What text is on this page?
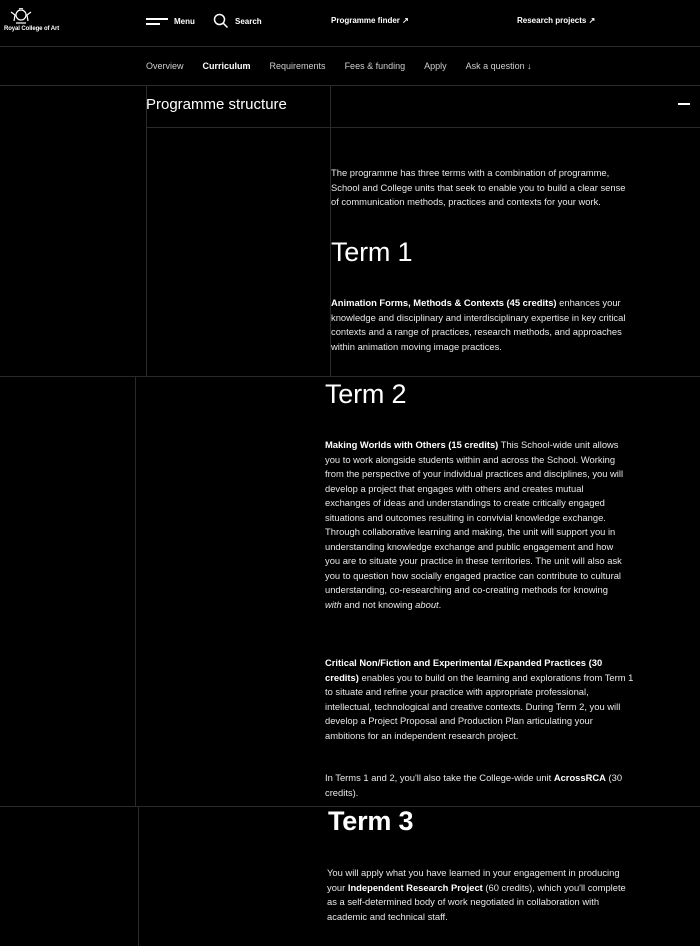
Royal College of Art
Menu	Search	Programme finder ↗	Research projects ↗
Overview Curriculum Requirements Fees & funding Apply Ask a question ↓
Programme structure

The programme has three terms with a combination of programme, School and College units that seek to enable you to build a clear sense of communication methods, practices and contexts for your work.

Term 1

Animation Forms, Methods & Contexts (45 credits) enhances your knowledge and disciplinary and interdisciplinary expertise in key critical contexts and a range of practices, research methods, and approaches within animation moving image practices.

Term 2

Making Worlds with Others (15 credits) This School-wide unit allows you to work alongside students within and across the School. Working from the perspective of your individual practices and disciplines, you will develop a project that engages with others and creates mutual exchanges of ideas and understandings to create critically engaged situations and outcomes resulting in convivial knowledge exchange. Through collaborative learning and making, the unit will support you in understanding knowledge exchange and public engagement and how you are to situate your practice in these territories. The unit will also ask you to question how socially engaged practice can contribute to cultural understanding, co-researching and co-creating methods for knowing with and not knowing about.

Critical Non/Fiction and Experimental /Expanded Practices (30 credits) enables you to build on the learning and explorations from Term 1 to situate and refine your practice with appropriate professional, intellectual, technological and creative contexts. During Term 2, you will develop a Project Proposal and Production Plan articulating your ambitions for an independent research project.

In Terms 1 and 2, you'll also take the College-wide unit AcrossRCA (30 credits).

Term 3

You will apply what you have learned in your engagement in producing your Independent Research Project (60 credits), which you'll complete as a self-determined body of work negotiated in collaboration with academic and technical staff.
